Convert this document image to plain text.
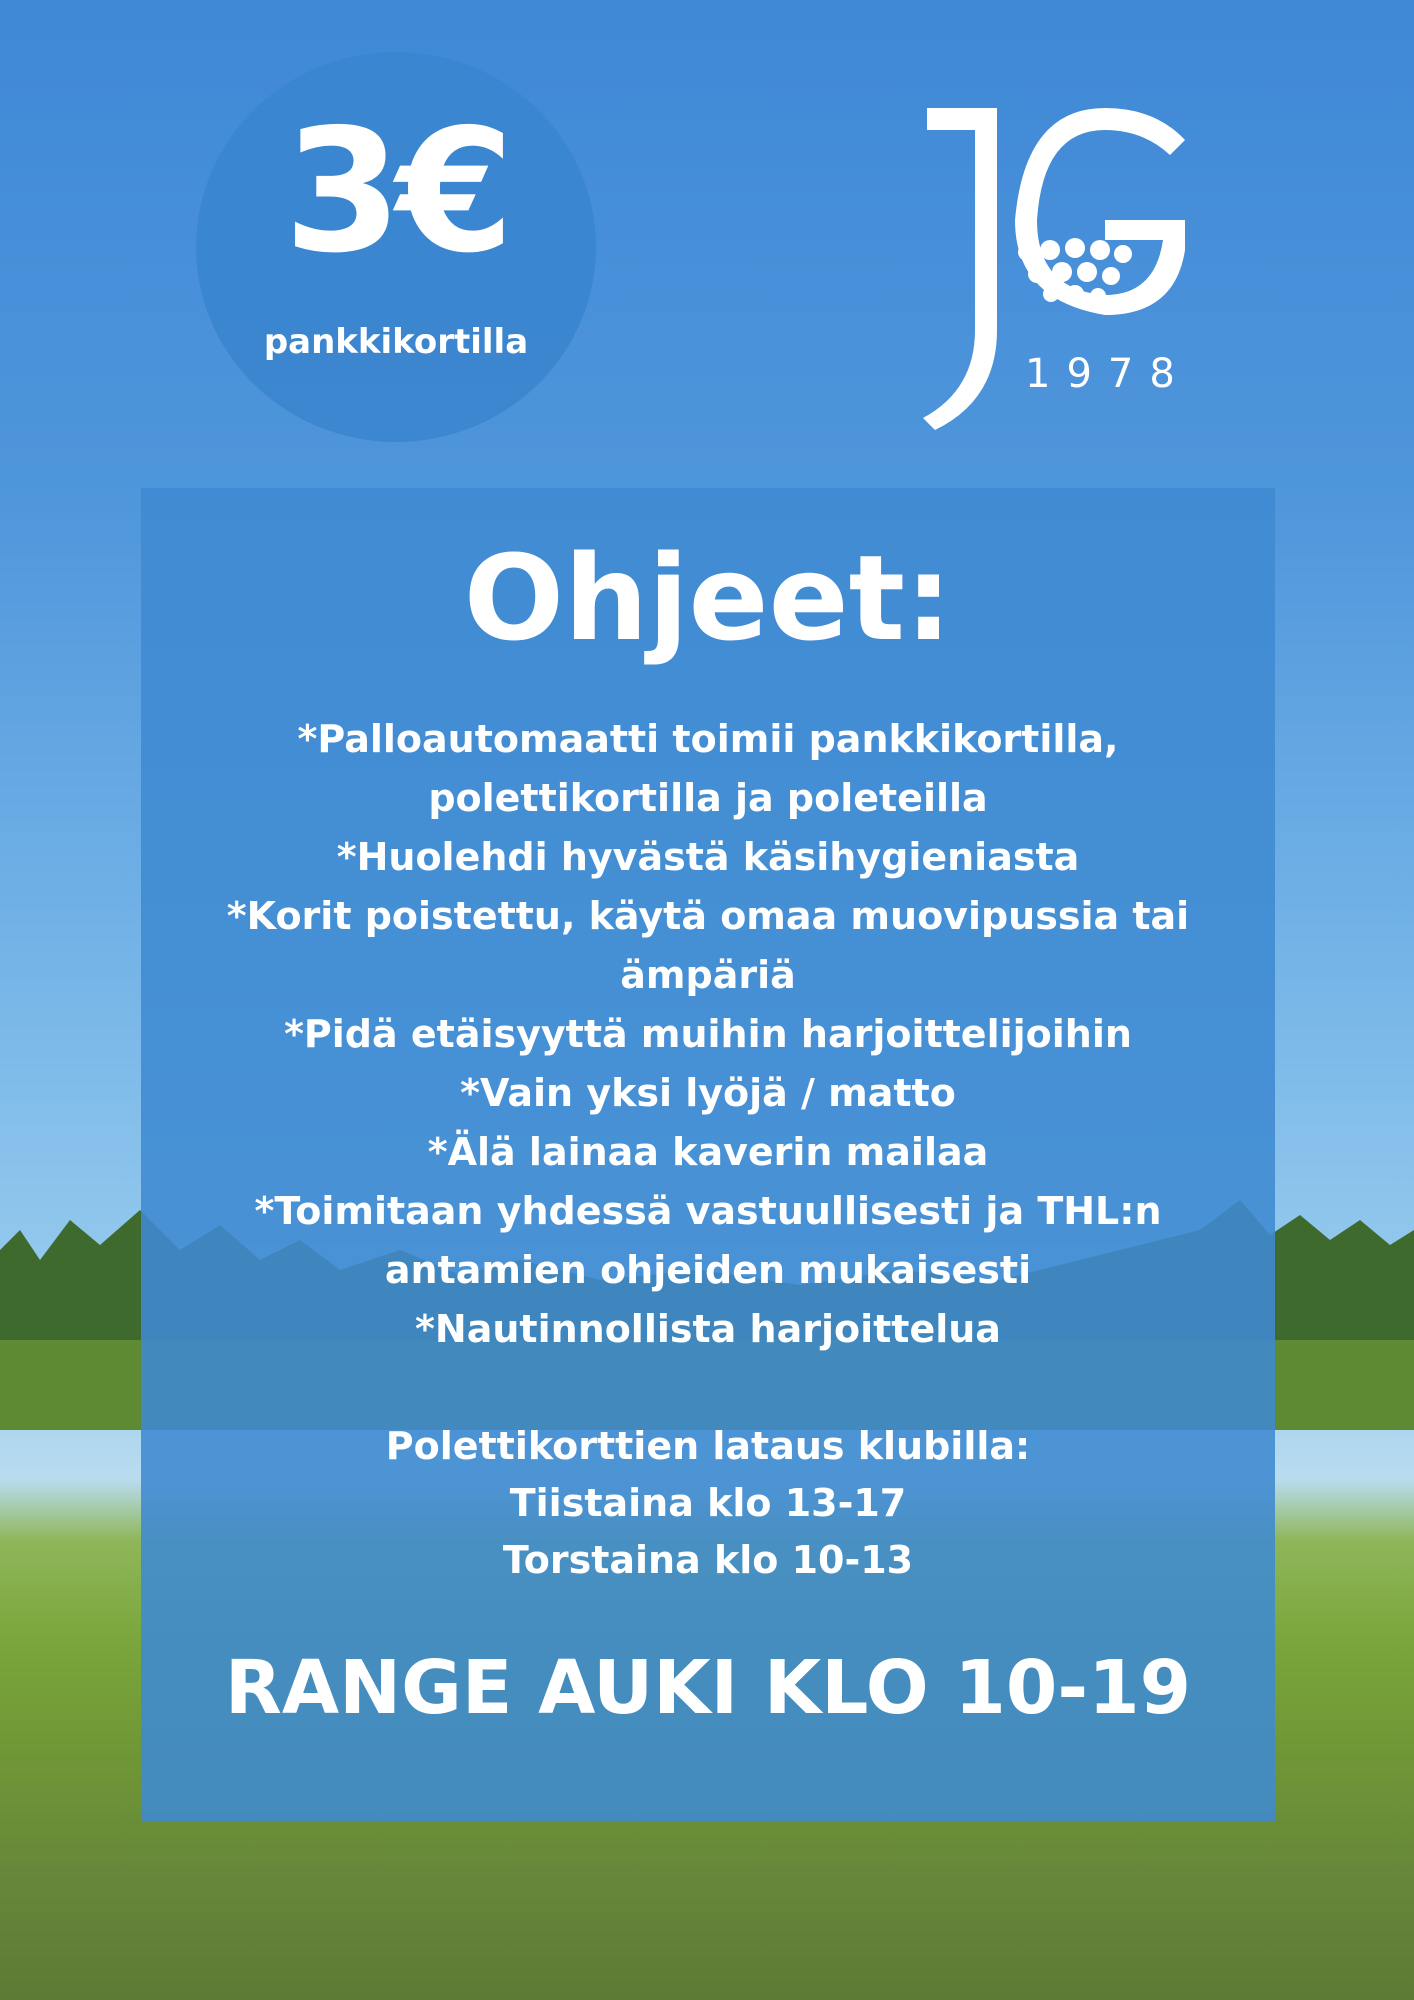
3€
pankkikortilla
1978
Ohjeet:
*Palloautomaatti toimii pankkikortilla, polettikortilla ja poleteilla
*Huolehdi hyvästä käsihygieniasta
*Korit poistettu, käytä omaa muovipussia tai ämpäriä
*Pidä etäisyyttä muihin harjoittelijoihin
*Vain yksi lyöjä / matto
*Älä lainaa kaverin mailaa
*Toimitaan yhdessä vastuullisesti ja THL:n antamien ohjeiden mukaisesti
*Nautinnollista harjoittelua
Polettikorttien lataus klubilla:
Tiistaina klo 13-17
Torstaina klo 10-13
RANGE AUKI KLO 10-19
